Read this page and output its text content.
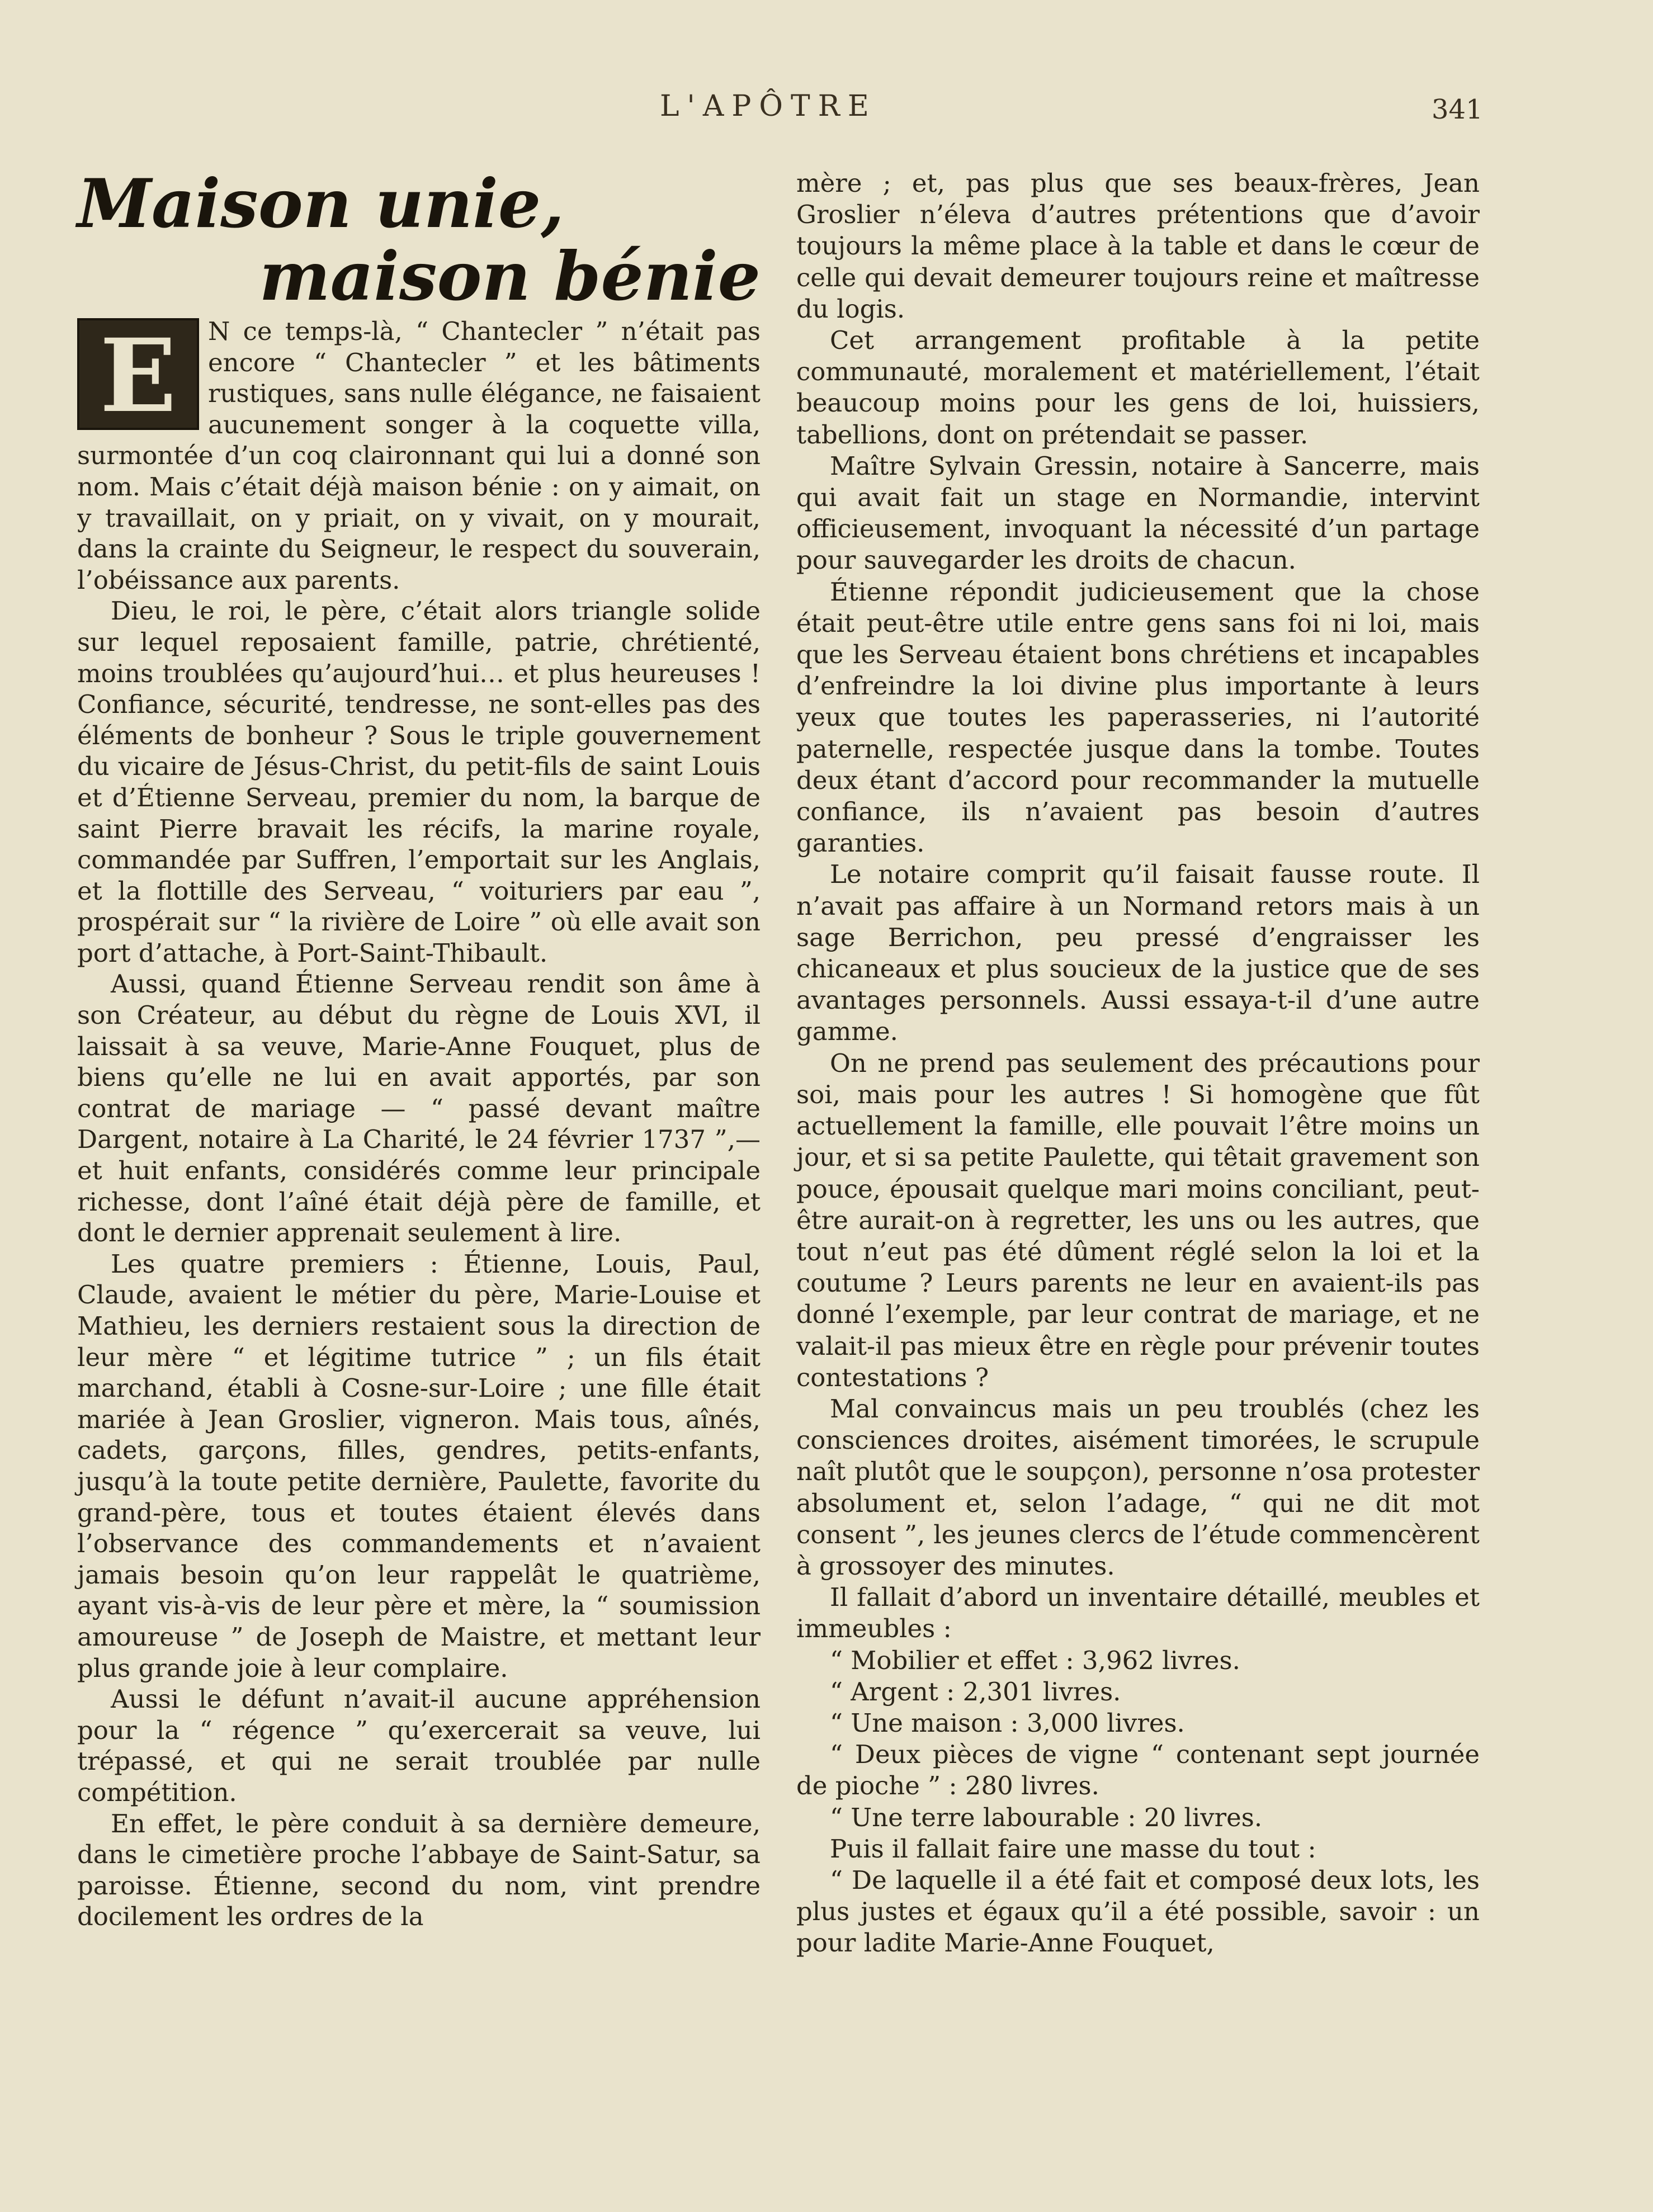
L'APÔTRE	341
Maison unie,
maison bénie

E	N ce temps-là, “ Chantecler ” n’était pas encore “ Chantecler ” et les bâtiments rustiques, sans nulle élégance, ne faisaient aucunement songer à la coquette villa, surmontée d’un coq claironnant qui lui a donné son nom. Mais c’était déjà maison bénie : on y aimait, on y travaillait, on y priait, on y vivait, on y mourait, dans la crainte du Seigneur, le respect du souverain, l’obéissance aux parents.

Dieu, le roi, le père, c’était alors triangle solide sur lequel reposaient famille, patrie, chrétienté, moins troublées qu’aujourd’hui… et plus heureuses ! Confiance, sécurité, tendresse, ne sont-elles pas des éléments de bonheur ? Sous le triple gouvernement du vicaire de Jésus-Christ, du petit-fils de saint Louis et d’Étienne Serveau, premier du nom, la barque de saint Pierre bravait les récifs, la marine royale, commandée par Suffren, l’emportait sur les Anglais, et la flottille des Serveau, “ voituriers par eau ”, prospérait sur “ la rivière de Loire ” où elle avait son port d’attache, à Port-Saint-Thibault.

Aussi, quand Étienne Serveau rendit son âme à son Créateur, au début du règne de Louis XVI, il laissait à sa veuve, Marie-Anne Fouquet, plus de biens qu’elle ne lui en avait apportés, par son contrat de mariage — “ passé devant maître Dargent, notaire à La Charité, le 24 février 1737 ”,— et huit enfants, considérés comme leur principale richesse, dont l’aîné était déjà père de famille, et dont le dernier apprenait seulement à lire.

Les quatre premiers : Étienne, Louis, Paul, Claude, avaient le métier du père, Marie-Louise et Mathieu, les derniers restaient sous la direction de leur mère “ et légitime tutrice ” ; un fils était marchand, établi à Cosne-sur-Loire ; une fille était mariée à Jean Groslier, vigneron. Mais tous, aînés, cadets, garçons, filles, gendres, petits-enfants, jusqu’à la toute petite dernière, Paulette, favorite du grand-père, tous et toutes étaient élevés dans l’observance des commandements et n’avaient jamais besoin qu’on leur rappelât le quatrième, ayant vis-à-vis de leur père et mère, la “ soumission amoureuse ” de Joseph de Maistre, et mettant leur plus grande joie à leur complaire.

Aussi le défunt n’avait-il aucune appréhension pour la “ régence ” qu’exercerait sa veuve, lui trépassé, et qui ne serait troublée par nulle compétition.

En effet, le père conduit à sa dernière demeure, dans le cimetière proche l’abbaye de Saint-Satur, sa paroisse. Étienne, second du nom, vint prendre docilement les ordres de la

mère ; et, pas plus que ses beaux-frères, Jean Groslier n’éleva d’autres prétentions que d’avoir toujours la même place à la table et dans le cœur de celle qui devait demeurer toujours reine et maîtresse du logis.

Cet arrangement profitable à la petite communauté, moralement et matériellement, l’était beaucoup moins pour les gens de loi, huissiers, tabellions, dont on prétendait se passer.

Maître Sylvain Gressin, notaire à Sancerre, mais qui avait fait un stage en Normandie, intervint officieusement, invoquant la nécessité d’un partage pour sauvegarder les droits de chacun.

Étienne répondit judicieusement que la chose était peut-être utile entre gens sans foi ni loi, mais que les Serveau étaient bons chrétiens et incapables d’enfreindre la loi divine plus importante à leurs yeux que toutes les paperasseries, ni l’autorité paternelle, respectée jusque dans la tombe. Toutes deux étant d’accord pour recommander la mutuelle confiance, ils n’avaient pas besoin d’autres garanties.

Le notaire comprit qu’il faisait fausse route. Il n’avait pas affaire à un Normand retors mais à un sage Berrichon, peu pressé d’engraisser les chicaneaux et plus soucieux de la justice que de ses avantages personnels. Aussi essaya-t-il d’une autre gamme.

On ne prend pas seulement des précautions pour soi, mais pour les autres ! Si homogène que fût actuellement la famille, elle pouvait l’être moins un jour, et si sa petite Paulette, qui têtait gravement son pouce, épousait quelque mari moins conciliant, peut-être aurait-on à regretter, les uns ou les autres, que tout n’eut pas été dûment réglé selon la loi et la coutume ? Leurs parents ne leur en avaient-ils pas donné l’exemple, par leur contrat de mariage, et ne valait-il pas mieux être en règle pour prévenir toutes contestations ?

Mal convaincus mais un peu troublés (chez les consciences droites, aisément timorées, le scrupule naît plutôt que le soupçon), personne n’osa protester absolument et, selon l’adage, “ qui ne dit mot consent ”, les jeunes clercs de l’étude commencèrent à grossoyer des minutes.

Il fallait d’abord un inventaire détaillé, meubles et immeubles :

“ Mobilier et effet : 3,962 livres.

“ Argent : 2,301 livres.

“ Une maison : 3,000 livres.

“ Deux pièces de vigne “ contenant sept journée de pioche ” : 280 livres.

“ Une terre labourable : 20 livres.

Puis il fallait faire une masse du tout :

“ De laquelle il a été fait et composé deux lots, les plus justes et égaux qu’il a été possible, savoir : un pour ladite Marie-Anne Fouquet,
